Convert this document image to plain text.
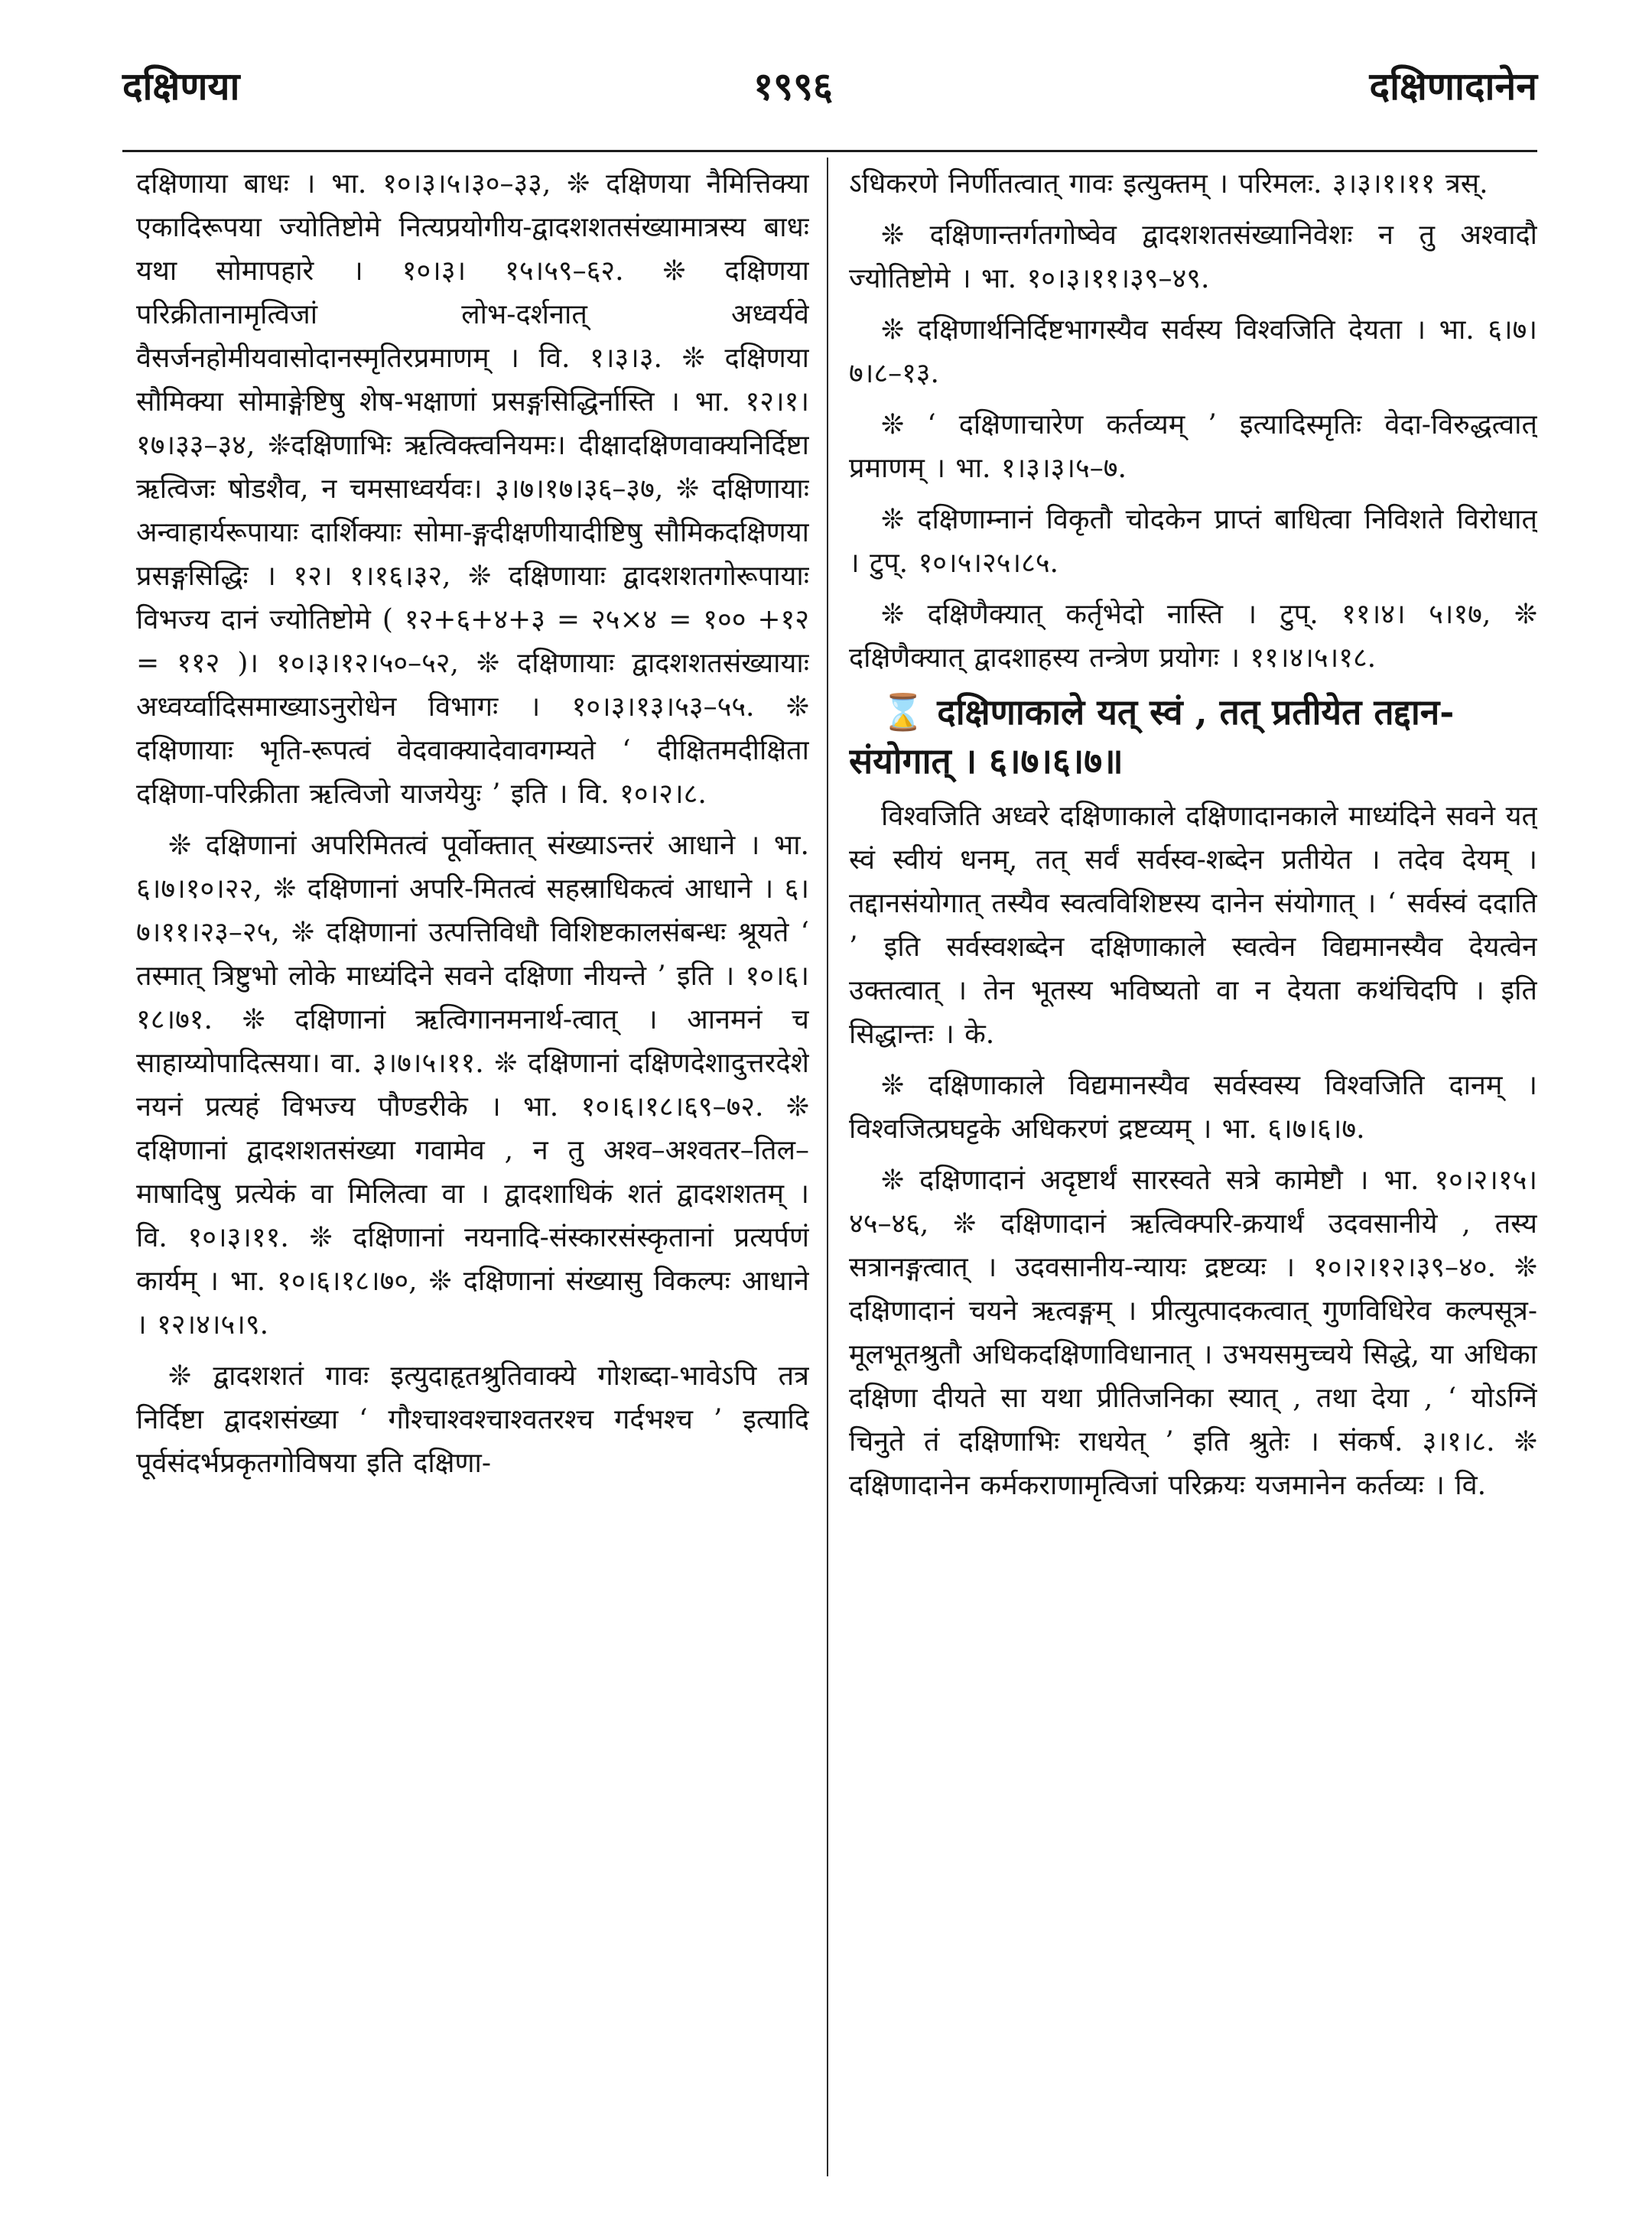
दक्षिणया	१९९६	दक्षिणादानेन

दक्षिणाया बाधः । भा. १०।३।५।३०–३३, ❊ दक्षिणया नैमित्तिक्या एकादिरूपया ज्योतिष्टोमे नित्यप्रयोगीय-द्वादशशतसंख्यामात्रस्य बाधः यथा सोमापहारे । १०।३। १५।५९–६२. ❊ दक्षिणया परिक्रीतानामृत्विजां लोभ-दर्शनात् अध्वर्यवे वैसर्जनहोमीयवासोदानस्मृतिरप्रमाणम् । वि. १।३।३. ❊ दक्षिणया सौमिक्या सोमाङ्गेष्टिषु शेष-भक्षाणां प्रसङ्गसिद्धिर्नास्ति । भा. १२।१।१७।३३–३४, ❊दक्षिणाभिः ऋत्विक्त्वनियमः। दीक्षादक्षिणवाक्यनिर्दिष्टा ऋत्विजः षोडशैव, न चमसाध्वर्यवः। ३।७।१७।३६–३७, ❊ दक्षिणायाः अन्वाहार्यरूपायाः दार्शिक्याः सोमा-ङ्गदीक्षणीयादीष्टिषु सौमिकदक्षिणया प्रसङ्गसिद्धिः । १२। १।१६।३२, ❊ दक्षिणायाः द्वादशशतगोरूपायाः विभज्य दानं ज्योतिष्टोमे ( १२+६+४+३ = २५×४ = १०० +१२ = ११२ )। १०।३।१२।५०–५२, ❊ दक्षिणायाः द्वादशशतसंख्यायाः अध्वर्य्वादिसमाख्याऽनुरोधेन विभागः । १०।३।१३।५३–५५. ❊ दक्षिणायाः भृति-रूपत्वं वेदवाक्यादेवावगम्यते ‘ दीक्षितमदीक्षिता दक्षिणा-परिक्रीता ऋत्विजो याजयेयुः ’ इति । वि. १०।२।८.

❊ दक्षिणानां अपरिमितत्वं पूर्वोक्तात् संख्याऽन्तरं आधाने । भा. ६।७।१०।२२, ❊ दक्षिणानां अपरि-मितत्वं सहस्राधिकत्वं आधाने । ६।७।११।२३–२५, ❊ दक्षिणानां उत्पत्तिविधौ विशिष्टकालसंबन्धः श्रूयते ‘ तस्मात् त्रिष्टुभो लोके माध्यंदिने सवने दक्षिणा नीयन्ते ’ इति । १०।६।१८।७१. ❊ दक्षिणानां ऋत्विगानमनार्थ-त्वात् । आनमनं च साहाय्योपादित्सया। वा. ३।७।५।११. ❊ दक्षिणानां दक्षिणदेशादुत्तरदेशे नयनं प्रत्यहं विभज्य पौण्डरीके । भा. १०।६।१८।६९–७२. ❊ दक्षिणानां द्वादशशतसंख्या गवामेव , न तु अश्व–अश्वतर–तिल–माषादिषु प्रत्येकं वा मिलित्वा वा । द्वादशाधिकं शतं द्वादशशतम् । वि. १०।३।११. ❊ दक्षिणानां नयनादि-संस्कारसंस्कृतानां प्रत्यर्पणं कार्यम् । भा. १०।६।१८।७०, ❊ दक्षिणानां संख्यासु विकल्पः आधाने । १२।४।५।९.

❊ द्वादशशतं गावः इत्युदाहृतश्रुतिवाक्ये गोशब्दा-भावेऽपि तत्र निर्दिष्टा द्वादशसंख्या ‘ गौश्चाश्वश्चाश्वतरश्च गर्दभश्च ’ इत्यादि पूर्वसंदर्भप्रकृतगोविषया इति दक्षिणा-

ऽधिकरणे निर्णीतत्वात् गावः इत्युक्तम् । परिमलः. ३।३।१।११ त्रस्.

❊ दक्षिणान्तर्गतगोष्वेव द्वादशशतसंख्यानिवेशः न तु अश्वादौ ज्योतिष्टोमे । भा. १०।३।११।३९–४९.

❊ दक्षिणार्थनिर्दिष्टभागस्यैव सर्वस्य विश्वजिति देयता । भा. ६।७।७।८–१३.

❊ ‘ दक्षिणाचारेण कर्तव्यम् ’ इत्यादिस्मृतिः वेदा-विरुद्धत्वात् प्रमाणम् । भा. १।३।३।५–७.

❊ दक्षिणाम्नानं विकृतौ चोदकेन प्राप्तं बाधित्वा निविशते विरोधात् । टुप्. १०।५।२५।८५.

❊ दक्षिणैक्यात् कर्तृभेदो नास्ति । टुप्. ११।४। ५।१७, ❊ दक्षिणैक्यात् द्वादशाहस्य तन्त्रेण प्रयोगः । ११।४।५।१८.

⌛ दक्षिणाकाले यत् स्वं , तत् प्रतीयेत तद्दान-संयोगात् । ६।७।६।७॥

विश्वजिति अध्वरे दक्षिणाकाले दक्षिणादानकाले माध्यंदिने सवने यत् स्वं स्वीयं धनम्, तत् सर्वं सर्वस्व-शब्देन प्रतीयेत । तदेव देयम् । तद्दानसंयोगात् तस्यैव स्वत्वविशिष्टस्य दानेन संयोगात् । ‘ सर्वस्वं ददाति ’ इति सर्वस्वशब्देन दक्षिणाकाले स्वत्वेन विद्यमानस्यैव देयत्वेन उक्तत्वात् । तेन भूतस्य भविष्यतो वा न देयता कथंचिदपि । इति सिद्धान्तः । के.

❊ दक्षिणाकाले विद्यमानस्यैव सर्वस्वस्य विश्वजिति दानम् । विश्वजित्प्रघट्टके अधिकरणं द्रष्टव्यम् । भा. ६।७।६।७.

❊ दक्षिणादानं अदृष्टार्थं सारस्वते सत्रे कामेष्टौ । भा. १०।२।१५।४५–४६, ❊ दक्षिणादानं ऋत्विक्परि-क्रयार्थं उदवसानीये , तस्य सत्रानङ्गत्वात् । उदवसानीय-न्यायः द्रष्टव्यः । १०।२।१२।३९–४०. ❊ दक्षिणादानं चयने ऋत्वङ्गम् । प्रीत्युत्पादकत्वात् गुणविधिरेव कल्पसूत्र-मूलभूतश्रुतौ अधिकदक्षिणाविधानात् । उभयसमुच्चये सिद्धे, या अधिका दक्षिणा दीयते सा यथा प्रीतिजनिका स्यात् , तथा देया , ‘ योऽग्निं चिनुते तं दक्षिणाभिः राधयेत् ’ इति श्रुतेः । संकर्ष. ३।१।८. ❊ दक्षिणादानेन कर्मकराणामृत्विजां परिक्रयः यजमानेन कर्तव्यः । वि.
